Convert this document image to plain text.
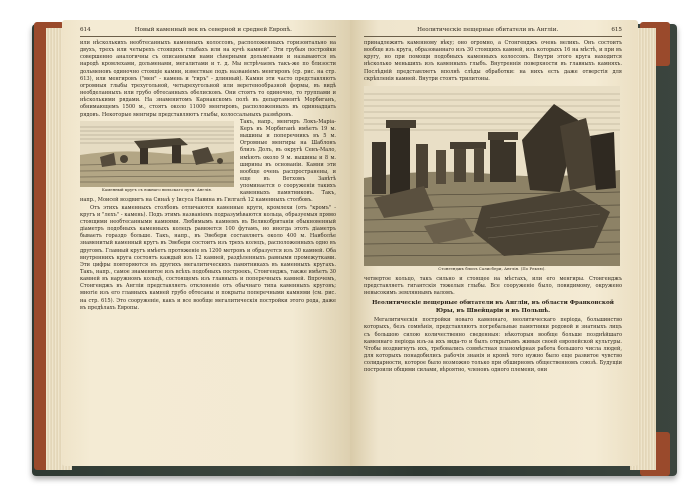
614	Новый каменный век въ северной и средней Европѣ.

или нѣсколькихъ необтесанныхъ каменныхъ колоссовъ, расположенныхъ горизонтально на двухъ, трехъ или четырехъ стоящихъ глыбахъ или на кучѣ камней". Эти грубыя постройки совершенно аналогичны съ описанными нами сѣверными дольменами и называются въ народѣ кромлехами, дольменами, мегалитами и т. д. Мы встрѣчаемъ такъ-же по близости дольменовъ одиночно стоящіе камни, известные подъ названіемъ менгировъ (ср. рис. на стр. 613), или менгировъ ("мен" - камень и "гиръ" - длинный). Камни эти часто представляютъ огромныя глыбы трехугольной, четырехугольной или веретенообразной формы, въ видѣ необделанныхъ или грубо обтесанныхъ обелисковъ. Они стоятъ то одиночно, то группами и нѣсколькими рядами. На знаменитомъ Карнакскомъ полѣ въ департаментѣ Морбиганъ, обнимающемъ 1500 м., стоятъ около 11000 менгировъ, расположенныхъ въ одиннадцать рядовъ. Некоторые менгиры представляютъ глыбы, колоссальныхъ размѣровъ.

Каменный кругъ съ южнаго вильскаго пути. Англія.

Такъ, напр., менгиръ Локъ-Маріа-Керъ въ Морбиганѣ имѣетъ 19 м. вышины и поперечникъ въ 5 м. Огромные менгиры на Шаблонъ близъ Долъ, въ округѣ Сенъ-Мало, имѣютъ около 9 м. вышины и 8 м. ширины въ основаніи. Камни эти вообще очень распространены, и еще въ Ветхомъ Завѣтѣ упоминается о сооруженіи такихъ каменныхъ памятниковъ. Такъ, напр., Моисей воздвигъ на Синаѣ у Іисуса Навина въ Гилгалѣ 12 каменныхъ столбовъ.

Отъ этихъ каменныхъ столбовъ отличаются каменные круги, кромлехи (отъ "кромъ" - кругъ и "лехъ" - камень). Подъ этимъ названіемъ подразумѣваются кольца, образуемыя прямо стоящими необтесанными камнями. Любимымъ камнемъ въ Великобританіи обыкновенный діаметръ подобныхъ каменныхъ колецъ равняется 100 футамъ, но иногда этотъ діаметръ бываетъ гораздо больше. Такъ, напр., въ Эвебери составляетъ около 400 м. Наиболѣе знаменитый каменный кругъ въ Эвебери состоитъ изъ трехъ колецъ, расположенныхъ одно въ другомъ. Главный кругъ имѣетъ протяженіе въ 1200 метровъ и образуется изъ 30 камней. Оба внутреннихъ круга состоятъ каждый изъ 12 камней, раздѣленныхъ равными промежутками. Эти цифры повторяются въ другихъ мегалитическихъ памятникахъ въ каменныхъ кругахъ. Такъ, напр., самое знаменитое изъ всѣхъ подобныхъ построекъ, Стонгенджъ, также имѣетъ 30 камней въ наружномъ кольцѣ, состоящемъ изъ главныхъ и поперечныхъ камней. Впрочемъ, Стонгенджъ въ Англіи представляетъ отклоненіе отъ обычнаго типа каменныхъ круговъ; многіе изъ его главныхъ камней грубо обтесаны и покрыты поперечными камнями (см. рис. на стр. 615). Это сооруженіе, какъ и все вообще мегалитическія постройки этого рода, даже въ предѣлахъ Европы.

Неолитическіе пещерные обитатели въ Англіи.	615

принадлежитъ каменному вѣку; оно огромно, а Стонгенджъ очень великъ. Онъ состоитъ вообще изъ круга, образованнаго изъ 30 стоящихъ камней, изъ которыхъ 16 на мѣстѣ, и при въ кругу, но при помощи подобныхъ каменныхъ колоссовъ. Внутри этого круга находится нѣсколько меньшихъ изъ каменныхъ глыбъ. Внутреннія поверхности въ главныхъ камняхъ. Послѣдній представляетъ вполнѣ слѣды обработки: на нихъ есть даже отверстія для скрѣпленія камней. Внутри стоятъ трилитоны.

Стонгенджъ близъ Салисбери, Англія. (По Реклю).

четвертое кольцо, такъ сильно и стоящее на мѣстахъ, или его менгиры. Стонгенджъ представляетъ гигантскія тяжелыя глыбы. Все сооруженіе было, повидимому, окружено невысокимъ земляннымъ валомъ.

Неолитическіе пещерные обитатели въ Англіи, въ области Франконской Юры, въ Швейцаріи и въ Польшѣ.

Мегалитическія постройки новаго каменнаго, неолитическаго періода, большинство которыхъ, безъ сомнѣнія, представляютъ погребальные памятники родовой и знатныхъ лицъ съ большою силою количественно сведенныя: нѣкоторыя вообще больше позднѣйшаго каменнаго періода изъ-за ихъ вида-то и былъ открытымъ живыя своей европейской культуры. Чтобы воздвигнуть ихъ, требовались совмѣстная планомѣрная работа большого числа людей, для которыхъ понадобились рабочія знанія и кромѣ того нужно было еще развитое чувство солидарности, которое было возможно только при обширномъ общественномъ союзѣ. Будущіи построили общими силами, вѣроятно, членовъ одного племени, они
